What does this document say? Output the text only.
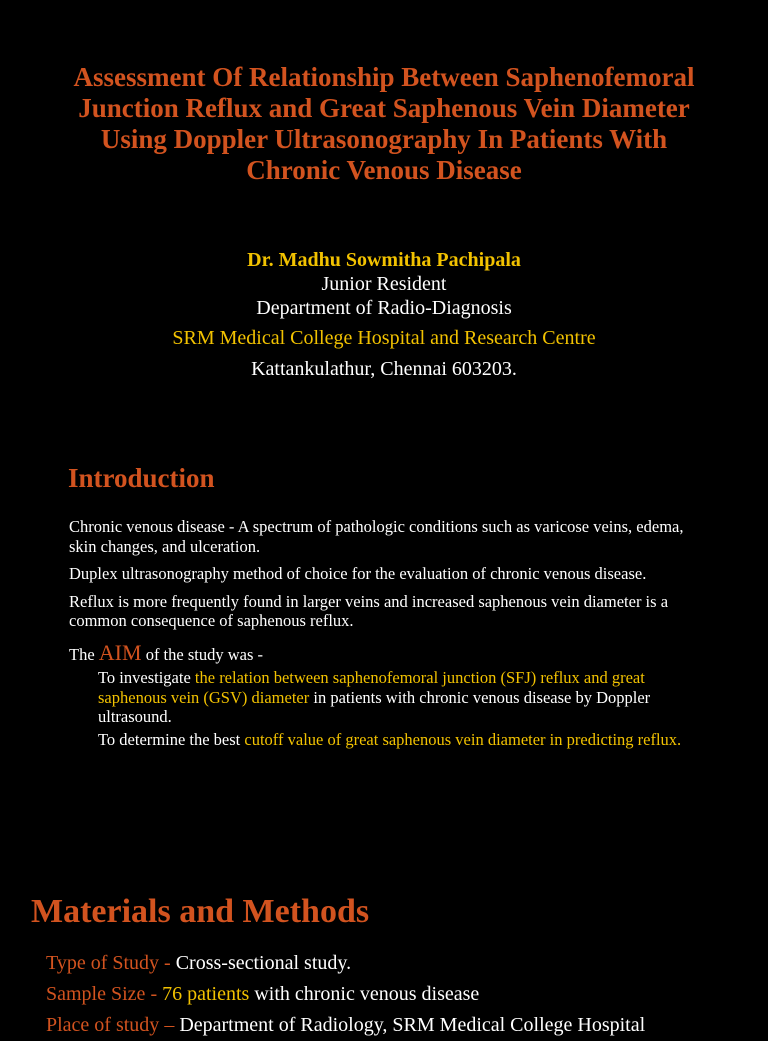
Assessment Of Relationship Between Saphenofemoral Junction Reflux and Great Saphenous Vein Diameter Using Doppler Ultrasonography In Patients With Chronic Venous Disease
Dr. Madhu Sowmitha Pachipala
Junior Resident
Department of Radio-Diagnosis
SRM Medical College Hospital and Research Centre
Kattankulathur, Chennai 603203.
Introduction

Chronic venous disease - A spectrum of pathologic conditions such as varicose veins, edema, skin changes, and ulceration.

Duplex ultrasonography method of choice for the evaluation of chronic venous disease.

Reflux is more frequently found in larger veins and increased saphenous vein diameter is a common consequence of saphenous reflux.

The AIM of the study was -
To investigate the relation between saphenofemoral junction (SFJ) reflux and great saphenous vein (GSV) diameter in patients with chronic venous disease by Doppler ultrasound.
To determine the best cutoff value of great saphenous vein diameter in predicting reflux.
Materials and Methods
Type of Study - Cross-sectional study.
Sample Size - 76 patients with chronic venous disease
Place of study – Department of Radiology, SRM Medical College Hospital
